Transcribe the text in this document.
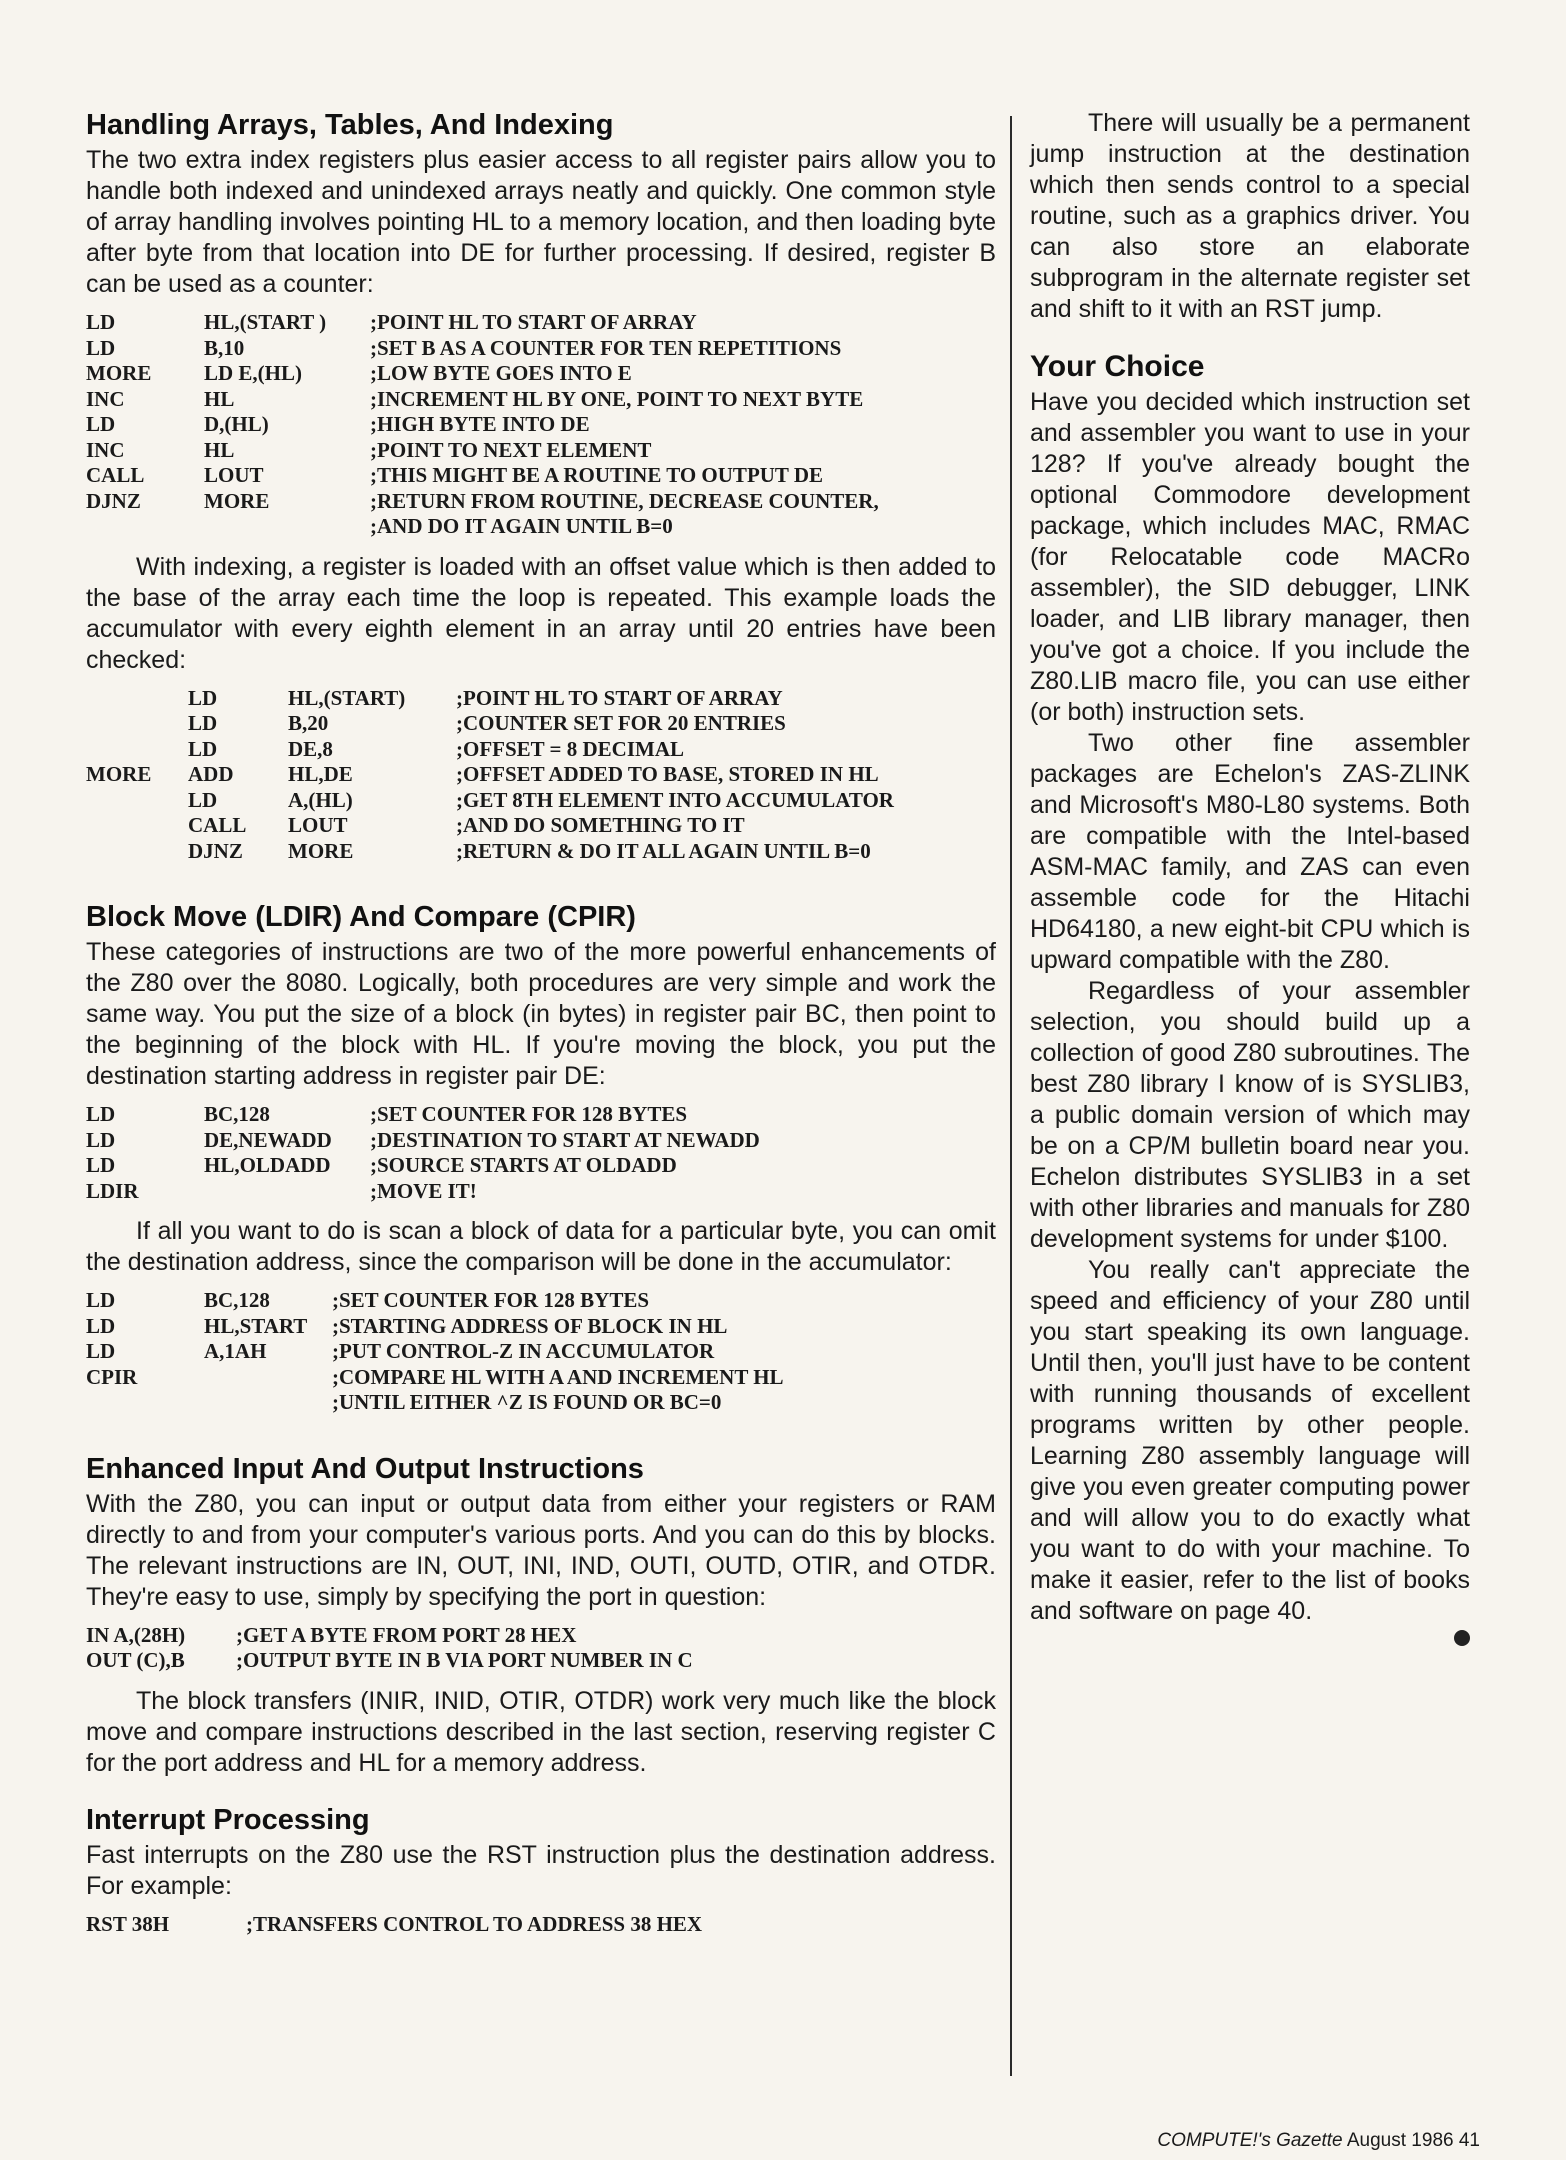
Handling Arrays, Tables, And Indexing

The two extra index registers plus easier access to all register pairs allow you to handle both indexed and unindexed arrays neatly and quickly. One common style of array handling involves pointing HL to a memory location, and then loading byte after byte from that location into DE for further processing. If desired, register B can be used as a counter:

LD	HL,(START )	;POINT HL TO START OF ARRAY
LD	B,10	;SET B AS A COUNTER FOR TEN REPETITIONS
MORE	LD E,(HL)	;LOW BYTE GOES INTO E
INC	HL	;INCREMENT HL BY ONE, POINT TO NEXT BYTE
LD	D,(HL)	;HIGH BYTE INTO DE
INC	HL	;POINT TO NEXT ELEMENT
CALL	LOUT	;THIS MIGHT BE A ROUTINE TO OUTPUT DE
DJNZ	MORE	;RETURN FROM ROUTINE, DECREASE COUNTER,
		;AND DO IT AGAIN UNTIL B=0

With indexing, a register is loaded with an offset value which is then added to the base of the array each time the loop is repeated. This example loads the accumulator with every eighth element in an array until 20 entries have been checked:

	LD	HL,(START)	;POINT HL TO START OF ARRAY
	LD	B,20	;COUNTER SET FOR 20 ENTRIES
	LD	DE,8	;OFFSET = 8 DECIMAL
MORE	ADD	HL,DE	;OFFSET ADDED TO BASE, STORED IN HL
	LD	A,(HL)	;GET 8TH ELEMENT INTO ACCUMULATOR
	CALL	LOUT	;AND DO SOMETHING TO IT
	DJNZ	MORE	;RETURN & DO IT ALL AGAIN UNTIL B=0
Block Move (LDIR) And Compare (CPIR)

These categories of instructions are two of the more powerful enhancements of the Z80 over the 8080. Logically, both procedures are very simple and work the same way. You put the size of a block (in bytes) in register pair BC, then point to the beginning of the block with HL. If you're moving the block, you put the destination starting address in register pair DE:

LD	BC,128	;SET COUNTER FOR 128 BYTES
LD	DE,NEWADD	;DESTINATION TO START AT NEWADD
LD	HL,OLDADD	;SOURCE STARTS AT OLDADD
LDIR		;MOVE IT!

If all you want to do is scan a block of data for a particular byte, you can omit the destination address, since the comparison will be done in the accumulator:

LD	BC,128	;SET COUNTER FOR 128 BYTES
LD	HL,START	;STARTING ADDRESS OF BLOCK IN HL
LD	A,1AH	;PUT CONTROL-Z IN ACCUMULATOR
CPIR		;COMPARE HL WITH A AND INCREMENT HL
		;UNTIL EITHER ^Z IS FOUND OR BC=0
Enhanced Input And Output Instructions

With the Z80, you can input or output data from either your registers or RAM directly to and from your computer's various ports. And you can do this by blocks. The relevant instructions are IN, OUT, INI, IND, OUTI, OUTD, OTIR, and OTDR. They're easy to use, simply by specifying the port in question:

IN A,(28H)	;GET A BYTE FROM PORT 28 HEX
OUT (C),B	;OUTPUT BYTE IN B VIA PORT NUMBER IN C

The block transfers (INIR, INID, OTIR, OTDR) work very much like the block move and compare instructions described in the last section, reserving register C for the port address and HL for a memory address.

Interrupt Processing

Fast interrupts on the Z80 use the RST instruction plus the destination address. For example:

RST 38H	;TRANSFERS CONTROL TO ADDRESS 38 HEX

There will usually be a permanent jump instruction at the destination which then sends control to a special routine, such as a graphics driver. You can also store an elaborate subprogram in the alternate register set and shift to it with an RST jump.

Your Choice

Have you decided which instruction set and assembler you want to use in your 128? If you've already bought the optional Commodore development package, which includes MAC, RMAC (for Relocatable code MACRo assembler), the SID debugger, LINK loader, and LIB library manager, then you've got a choice. If you include the Z80.LIB macro file, you can use either (or both) instruction sets.

Two other fine assembler packages are Echelon's ZAS-ZLINK and Microsoft's M80-L80 systems. Both are compatible with the Intel-based ASM-MAC family, and ZAS can even assemble code for the Hitachi HD64180, a new eight-bit CPU which is upward compatible with the Z80.

Regardless of your assembler selection, you should build up a collection of good Z80 subroutines. The best Z80 library I know of is SYSLIB3, a public domain version of which may be on a CP/M bulletin board near you. Echelon distributes SYSLIB3 in a set with other libraries and manuals for Z80 development systems for under $100.

You really can't appreciate the speed and efficiency of your Z80 until you start speaking its own language. Until then, you'll just have to be content with running thousands of excellent programs written by other people. Learning Z80 assembly language will give you even greater computing power and will allow you to do exactly what you want to do with your machine. To make it easier, refer to the list of books and software on page 40.

COMPUTE!'s Gazette August 1986 41
